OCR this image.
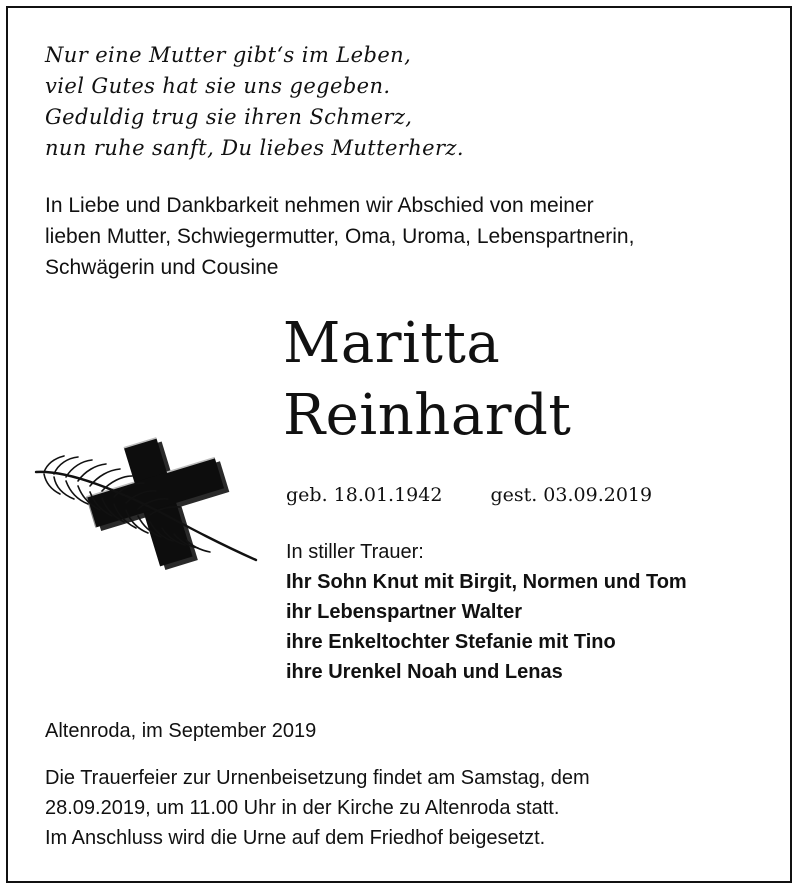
Nur eine Mutter gibt‘s im Leben,
viel Gutes hat sie uns gegeben.
Geduldig trug sie ihren Schmerz,
nun ruhe sanft, Du liebes Mutterherz.
In Liebe und Dankbarkeit nehmen wir Abschied von meiner
lieben Mutter, Schwiegermutter, Oma, Uroma, Lebenspartnerin,
Schwägerin und Cousine
Maritta
Reinhardt
geb. 18.01.1942	gest. 03.09.2019
In stiller Trauer:
Ihr Sohn Knut mit Birgit, Normen und Tom
ihr Lebenspartner Walter
ihre Enkeltochter Stefanie mit Tino
ihre Urenkel Noah und Lenas
Altenroda, im September 2019
Die Trauerfeier zur Urnenbeisetzung findet am Samstag, dem
28.09.2019, um 11.00 Uhr in der Kirche zu Altenroda statt.
Im Anschluss wird die Urne auf dem Friedhof beigesetzt.
